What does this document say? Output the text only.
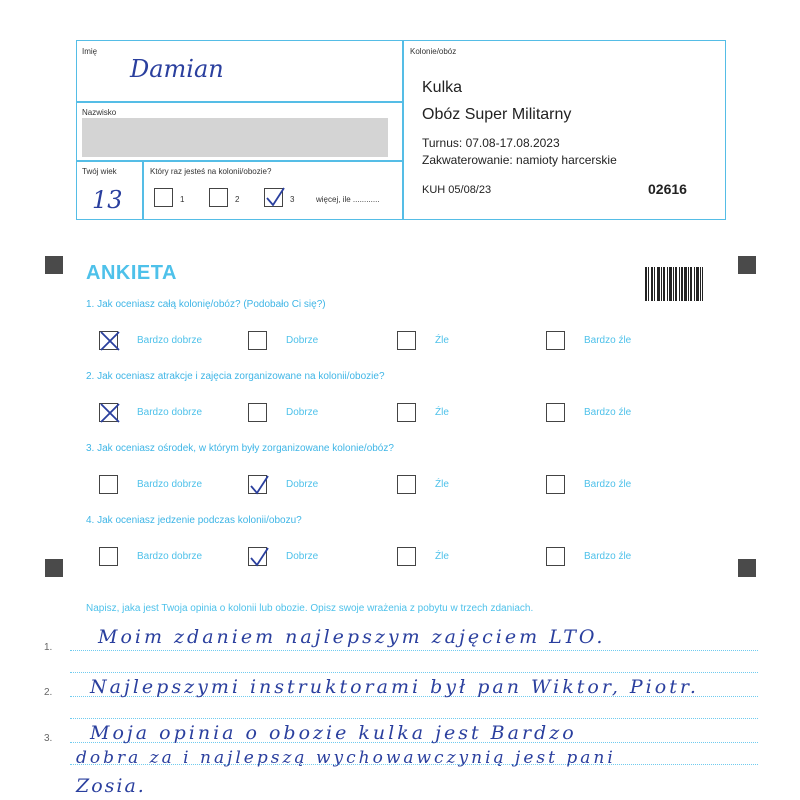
Imię
Damian
Nazwisko
Twój wiek
13
Który raz jesteś na kolonii/obozie?
1	2	3	więcej, ile ............
Kolonie/obóz
Kulka
Obóz Super Militarny
Turnus: 07.08-17.08.2023
Zakwaterowanie: namioty harcerskie
KUH 05/08/23	02616
ANKIETA
1. Jak oceniasz całą kolonię/obóz? (Podobało Ci się?)
2. Jak oceniasz atrakcje i zajęcia zorganizowane na kolonii/obozie?
3. Jak oceniasz ośrodek, w którym były zorganizowane kolonie/obóz?
4. Jak oceniasz jedzenie podczas kolonii/obozu?
Bardzo dobrze	Dobrze	Źle	Bardzo źle
Bardzo dobrze	Dobrze	Źle	Bardzo źle
Bardzo dobrze	Dobrze	Źle	Bardzo źle
Bardzo dobrze	Dobrze	Źle	Bardzo źle
Napisz, jaka jest Twoja opinia o kolonii lub obozie. Opisz swoje wrażenia z pobytu w trzech zdaniach.
1.
2.
3.
Moim zdaniem najlepszym zajęciem LTO.
Najlepszymi instruktorami był pan Wiktor, Piotr.
Moja opinia o obozie kulka jest Bardzo
dobra za i najlepszą wychowawczynią jest pani
Zosia.
